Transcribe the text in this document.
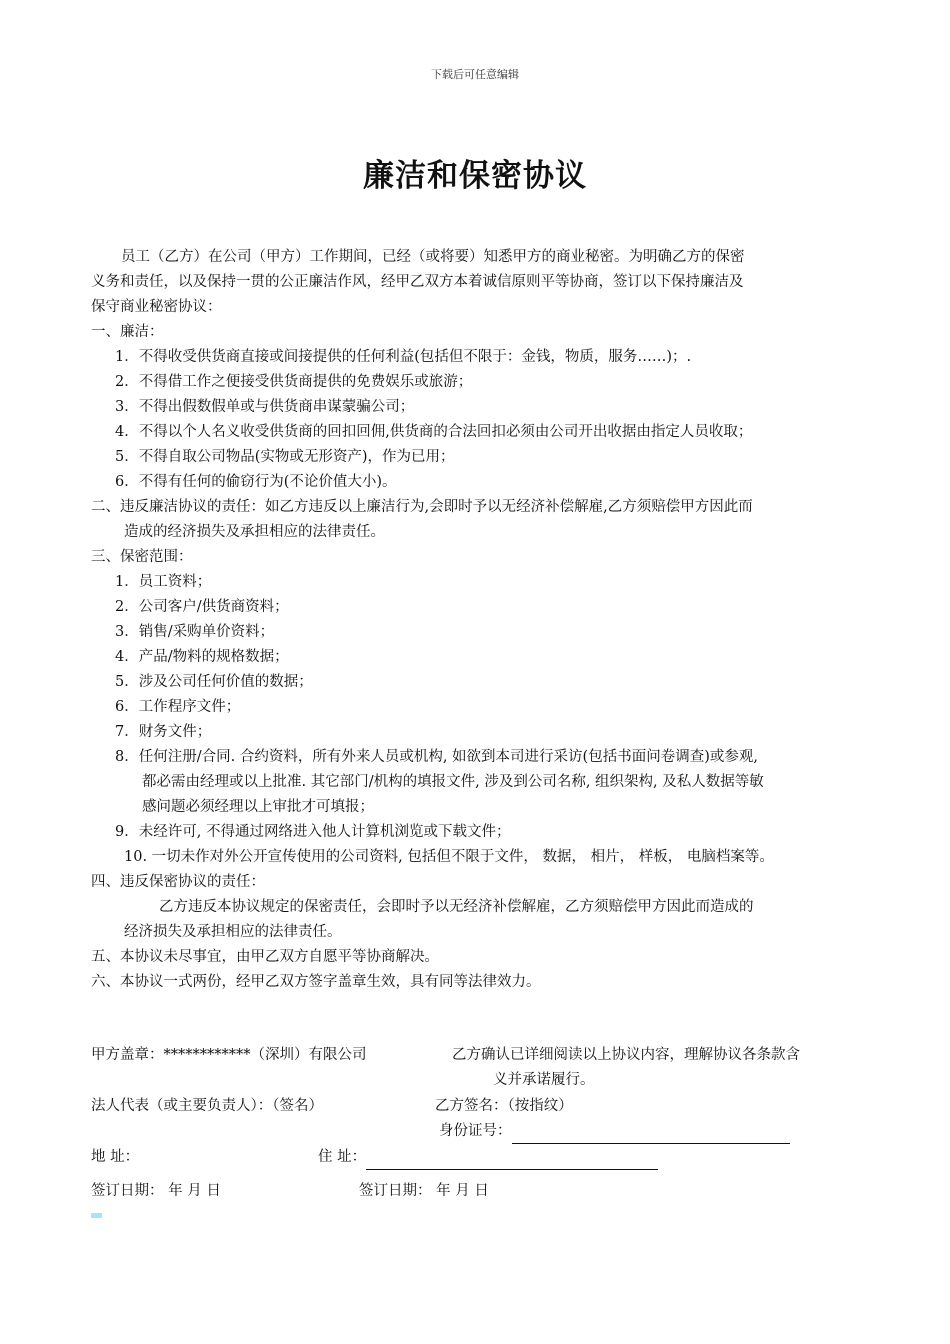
下载后可任意编辑
廉洁和保密协议
员工（乙方）在公司（甲方）工作期间，已经（或将要）知悉甲方的商业秘密。为明确乙方的保密
义务和责任，以及保持一贯的公正廉洁作风，经甲乙双方本着诚信原则平等协商，签订以下保持廉洁及
保守商业秘密协议：
一、廉洁：
1．不得收受供货商直接或间接提供的任何利益(包括但不限于：金钱，物质，服务……)；.
2．不得借工作之便接受供货商提供的免费娱乐或旅游；
3．不得出假数假单或与供货商串谋蒙骗公司；
4．不得以个人名义收受供货商的回扣回佣,供货商的合法回扣必须由公司开出收据由指定人员收取；
5．不得自取公司物品(实物或无形资产)，作为已用；
6．不得有任何的偷窃行为(不论价值大小)。
二、违反廉洁协议的责任：如乙方违反以上廉洁行为,会即时予以无经济补偿解雇,乙方须赔偿甲方因此而
造成的经济损失及承担相应的法律责任。
三、保密范围：
1．员工资料；
2．公司客户/供货商资料；
3．销售/采购单价资料；
4．产品/物料的规格数据；
5．涉及公司任何价值的数据；
6．工作程序文件；
7．财务文件；
8．任何注册/合同. 合约资料，所有外来人员或机构, 如欲到本司进行采访(包括书面问卷调查)或参观,
都必需由经理或以上批准. 其它部门/机构的填报文件, 涉及到公司名称, 组织架构, 及私人数据等敏
感问题必须经理以上审批才可填报；
9．未经许可, 不得通过网络进入他人计算机浏览或下载文件；
10. 一切未作对外公开宣传使用的公司资料, 包括但不限于文件， 数据， 相片， 样板， 电脑档案等。
四、违反保密协议的责任：
乙方违反本协议规定的保密责任，会即时予以无经济补偿解雇，乙方须赔偿甲方因此而造成的
经济损失及承担相应的法律责任。
五、本协议未尽事宜，由甲乙双方自愿平等协商解决。
六、本协议一式两份，经甲乙双方签字盖章生效，具有同等法律效力。
甲方盖章：************（深圳）有限公司	乙方确认已详细阅读以上协议内容，理解协议各条款含
义并承诺履行。
法人代表（或主要负责人）：（签名）	乙方签名：（按指纹）
身份证号：
地 址：	住 址：
签订日期： 年 月 日	签订日期： 年 月 日
